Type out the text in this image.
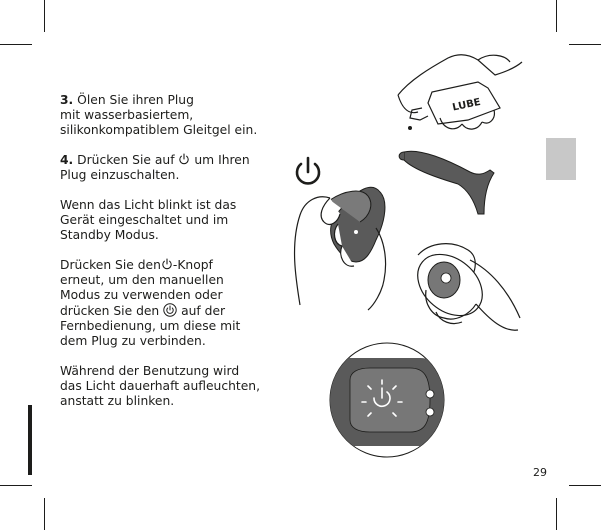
3. Ölen Sie ihren Plug
mit wasserbasiertem,
silikonkompatiblem Gleitgel ein.

4. Drücken Sie auf um Ihren
Plug einzuschalten.

Wenn das Licht blinkt ist das
Gerät eingeschaltet und im
Standby Modus.

Drücken Sie den -Knopf
erneut, um den manuellen
Modus zu verwenden oder
drücken Sie den auf der
Fernbedienung, um diese mit
dem Plug zu verbinden.

Während der Benutzung wird
das Licht dauerhaft aufleuchten,
anstatt zu blinken.

LUBE
29
